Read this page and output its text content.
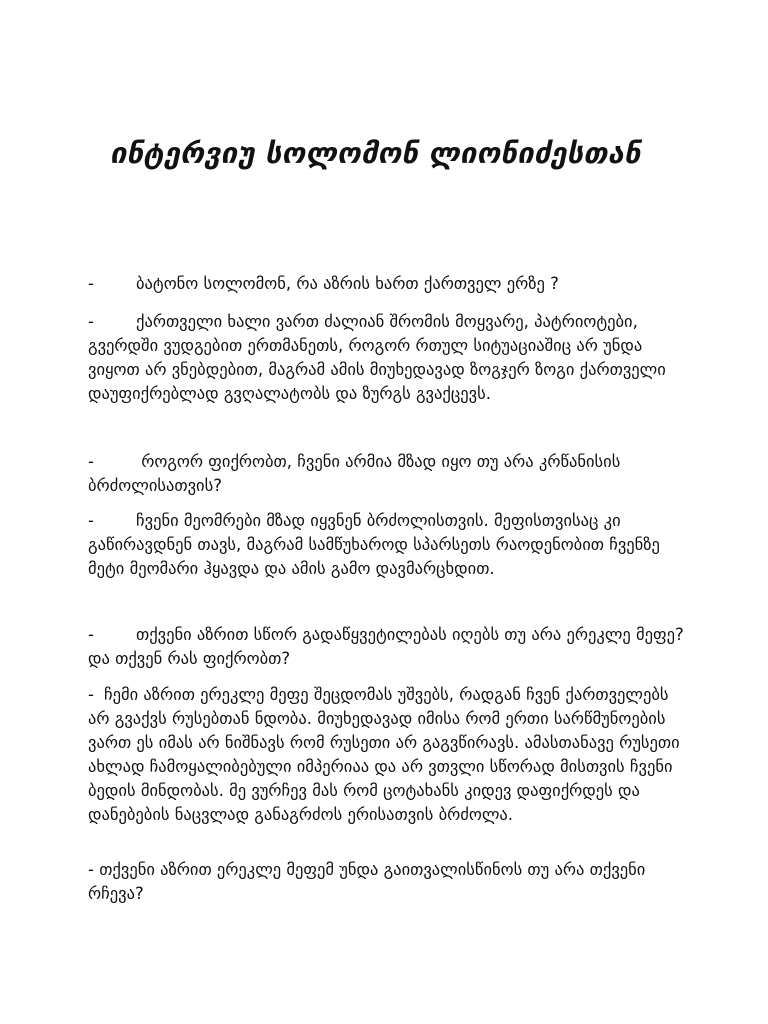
ინტერვიუ სოლომონ ლიონიძესთან

-	ბატონო სოლომონ, რა აზრის ხართ ქართველ ერზე ?

-	ქართველი ხალი ვართ ძალიან შრომის მოყვარე, პატრიოტები, გვერდში ვუდგებით ერთმანეთს, როგორ რთულ სიტუაციაშიც არ უნდა ვიყოთ არ ვნებდებით, მაგრამ ამის მიუხედავად ზოგჯერ ზოგი ქართველი დაუფიქრებლად გვღალატობს და ზურგს გვაქცევს.

-	როგორ ფიქრობთ, ჩვენი არმია მზად იყო თუ არა კრწანისის ბრძოლისათვის?

-	ჩვენი მეომრები მზად იყვნენ ბრძოლისთვის. მეფისთვისაც კი გაწირავდნენ თავს, მაგრამ სამწუხაროდ სპარსეთს რაოდენობით ჩვენზე მეტი მეომარი ჰყავდა და ამის გამო დავმარცხდით.

-	თქვენი აზრით სწორ გადაწყვეტილებას იღებს თუ არა ერეკლე მეფე? და თქვენ რას ფიქრობთ?

- ჩემი აზრით ერეკლე მეფე შეცდომას უშვებს, რადგან ჩვენ ქართველებს არ გვაქვს რუსებთან ნდობა. მიუხედავად იმისა რომ ერთი სარწმუნოების ვართ ეს იმას არ ნიშნავს რომ რუსეთი არ გაგვწირავს. ამასთანავე რუსეთი ახლად ჩამოყალიბებული იმპერიაა და არ ვთვლი სწორად მისთვის ჩვენი ბედის მინდობას. მე ვურჩევ მას რომ ცოტახანს კიდევ დაფიქრდეს და დანებების ნაცვლად განაგრძოს ერისათვის ბრძოლა.

- თქვენი აზრით ერეკლე მეფემ უნდა გაითვალისწინოს თუ არა თქვენი რჩევა?
